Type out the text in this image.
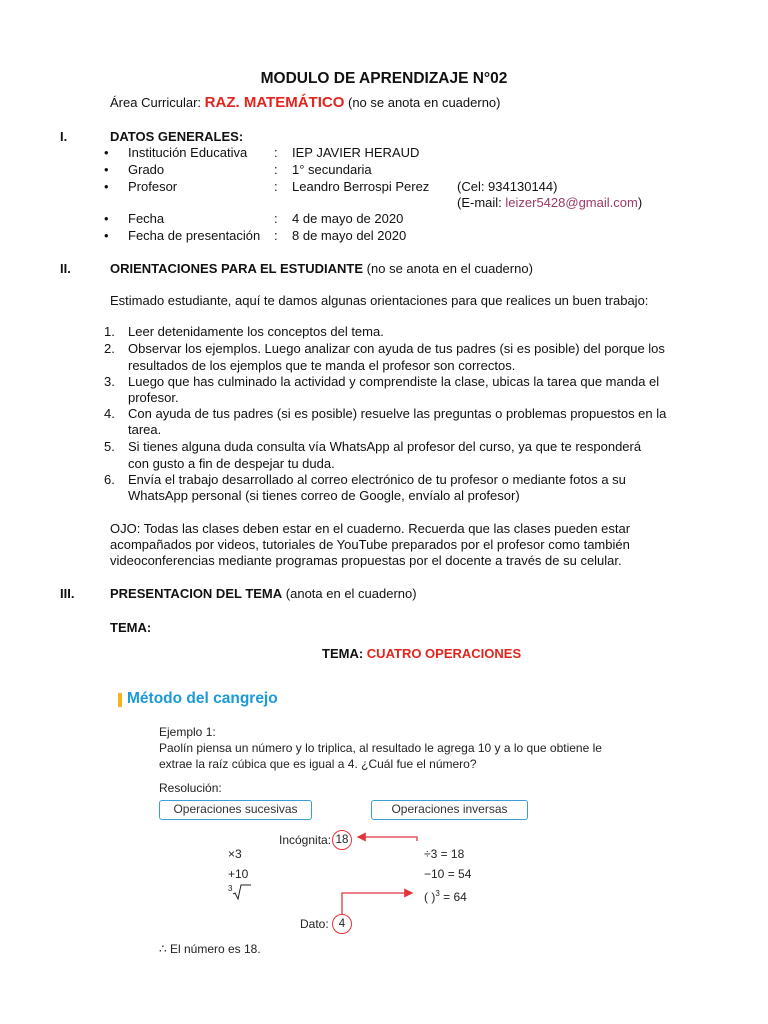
MODULO DE APRENDIZAJE N°02
Área Curricular: RAZ. MATEMÁTICO (no se anota en cuaderno)
I.	DATOS GENERALES:
• Institución Educativa : IEP JAVIER HERAUD
• Grado	: 1° secundaria
• Profesor	: Leandro Berrospi Perez (Cel: 934130144)
(E-mail: leizer5428@gmail.com)
• Fecha	: 4 de mayo de 2020
• Fecha de presentación : 8 de mayo del 2020
II.	ORIENTACIONES PARA EL ESTUDIANTE (no se anota en el cuaderno)
Estimado estudiante, aquí te damos algunas orientaciones para que realices un buen trabajo:
1. Leer detenidamente los conceptos del tema.
2. Observar los ejemplos. Luego analizar con ayuda de tus padres (si es posible) del porque los
resultados de los ejemplos que te manda el profesor son correctos.
3. Luego que has culminado la actividad y comprendiste la clase, ubicas la tarea que manda el
profesor.
4. Con ayuda de tus padres (si es posible) resuelve las preguntas o problemas propuestos en la
tarea.
5. Si tienes alguna duda consulta vía WhatsApp al profesor del curso, ya que te responderá
con gusto a fin de despejar tu duda.
6. Envía el trabajo desarrollado al correo electrónico de tu profesor o mediante fotos a su
WhatsApp personal (si tienes correo de Google, envíalo al profesor)
OJO: Todas las clases deben estar en el cuaderno. Recuerda que las clases pueden estar
acompañados por videos, tutoriales de YouTube preparados por el profesor como también
videoconferencias mediante programas propuestas por el docente a través de su celular.
III.	PRESENTACION DEL TEMA (anota en el cuaderno)
TEMA:
TEMA: CUATRO OPERACIONES
Método del cangrejo
Ejemplo 1:
Paolín piensa un número y lo triplica, al resultado le agrega 10 y a lo que obtiene le
extrae la raíz cúbica que es igual a 4. ¿Cuál fue el número?
Resolución:
Operaciones sucesivas	Operaciones inversas
Incógnita: 18
×3
+10
3
÷3 = 18
−10 = 54
( )$^3$ = 64
Dato: 4
∴ El número es 18.
